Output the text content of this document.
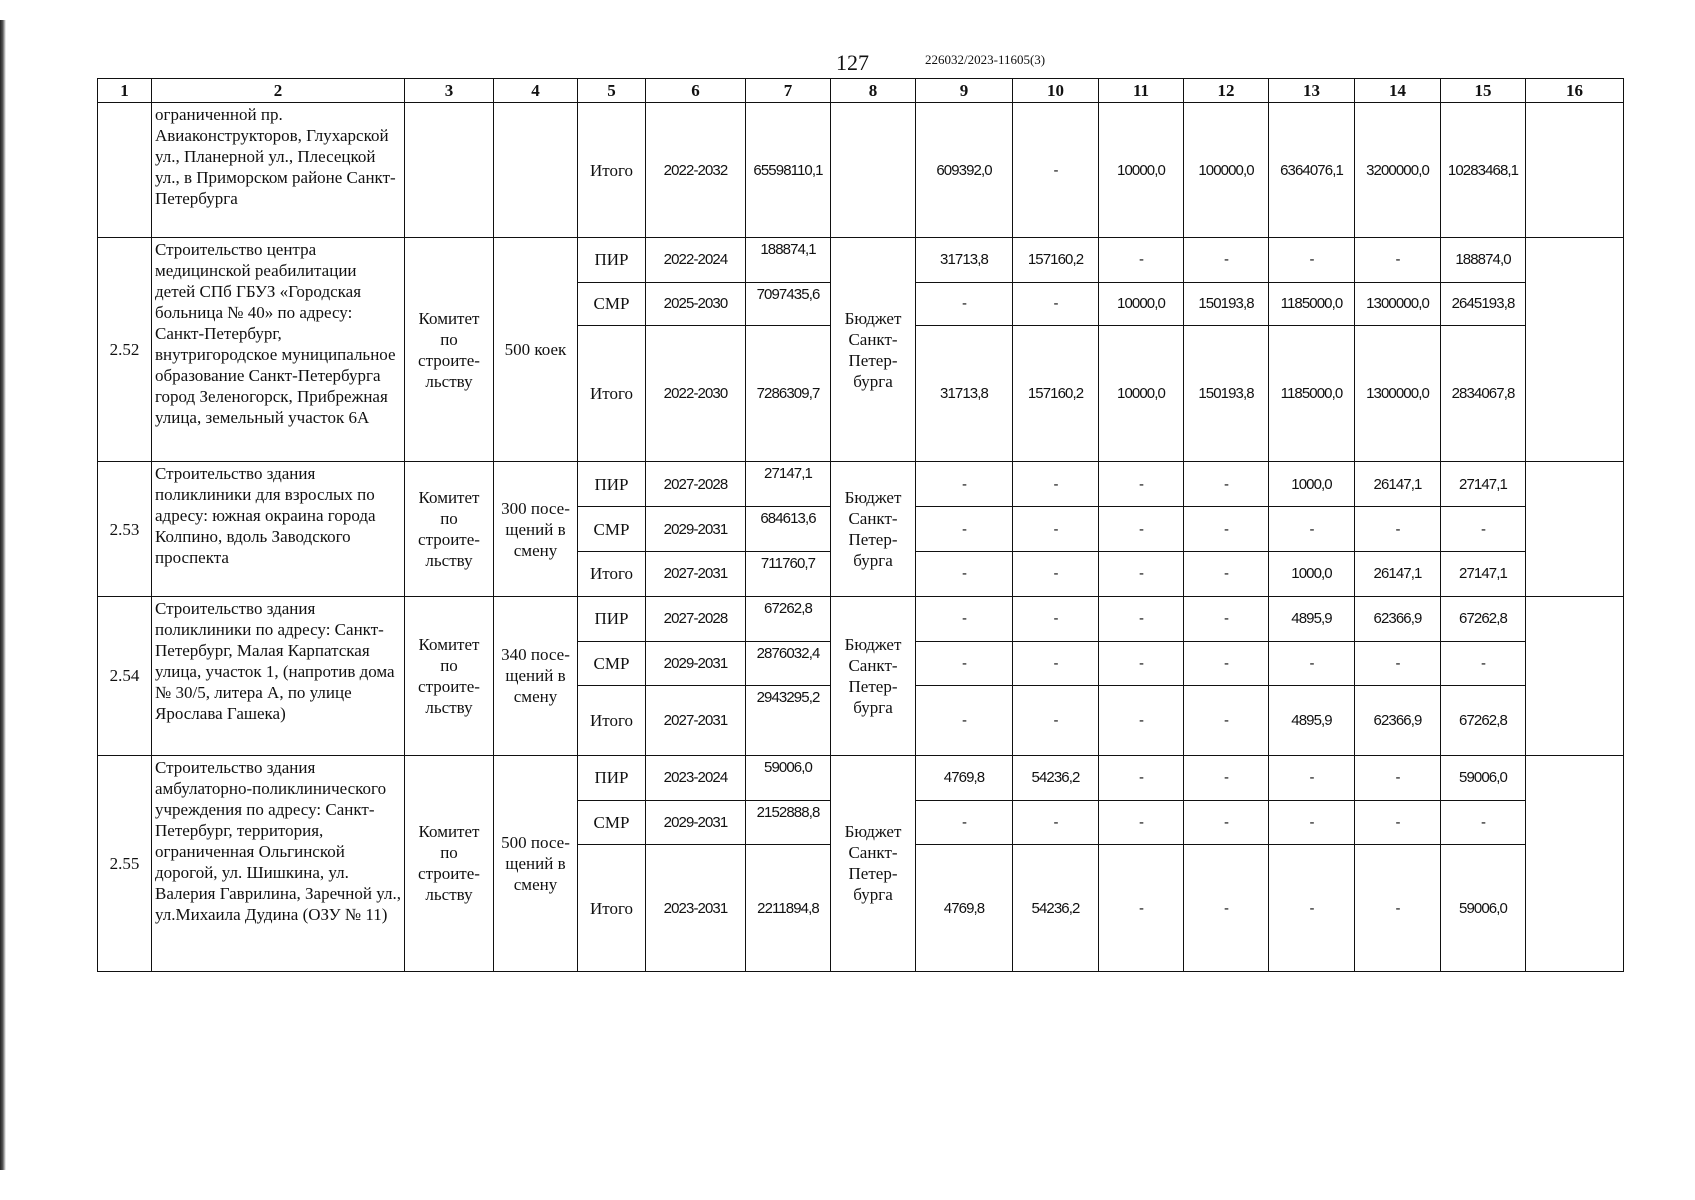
127	226032/2023-11605(3)
1	2	3	4	5	6	7	8	9	10	11	12	13	14	15	16
	ограниченной пр. Авиаконструкторов, Глухарской ул., Планерной ул., Плесецкой ул., в Приморском районе Санкт-Петербурга			Итого	2022-2032	65598110,1		609392,0	-	10000,0	100000,0	6364076,1	3200000,0	10283468,1	
2.52	Строительство центра медицинской реабилитации детей СПб ГБУЗ «Городская больница № 40» по адресу: Санкт-Петербург, внутригородское муниципальное образование Санкт-Петербурга город Зеленогорск, Прибрежная улица, земельный участок 6А	Комитет по строите-льству	500 коек	ПИР	2022-2024	188874,1	Бюджет Санкт-Петер-бурга	31713,8	157160,2	-	-	-	-	188874,0	
				СМР	2025-2030	7097435,6		-	-	10000,0	150193,8	1185000,0	1300000,0	2645193,8	
				Итого	2022-2030	7286309,7		31713,8	157160,2	10000,0	150193,8	1185000,0	1300000,0	2834067,8	
2.53	Строительство здания поликлиники для взрослых по адресу: южная окраина города Колпино, вдоль Заводского проспекта	Комитет по строите-льству	300 посе-щений в смену	ПИР	2027-2028	27147,1	Бюджет Санкт-Петер-бурга	-	-	-	-	1000,0	26147,1	27147,1	
				СМР	2029-2031	684613,6		-	-	-	-	-	-	-	
				Итого	2027-2031	711760,7		-	-	-	-	1000,0	26147,1	27147,1	
2.54	Строительство здания поликлиники по адресу: Санкт-Петербург, Малая Карпатская улица, участок 1, (напротив дома № 30/5, литера А, по улице Ярослава Гашека)	Комитет по строите-льству	340 посе-щений в смену	ПИР	2027-2028	67262,8	Бюджет Санкт-Петер-бурга	-	-	-	-	4895,9	62366,9	67262,8	
				СМР	2029-2031	2876032,4		-	-	-	-	-	-	-	
				Итого	2027-2031	2943295,2		-	-	-	-	4895,9	62366,9	67262,8	
2.55	Строительство здания амбулаторно-поликлинического учреждения по адресу: Санкт-Петербург, территория, ограниченная Ольгинской дорогой, ул. Шишкина, ул. Валерия Гаврилина, Заречной ул., ул.Михаила Дудина (ОЗУ № 11)	Комитет по строите-льству	500 посе-щений в смену	ПИР	2023-2024	59006,0	Бюджет Санкт-Петер-бурга	4769,8	54236,2	-	-	-	-	59006,0	
				СМР	2029-2031	2152888,8		-	-	-	-	-	-	-	
				Итого	2023-2031	2211894,8		4769,8	54236,2	-	-	-	-	59006,0	
